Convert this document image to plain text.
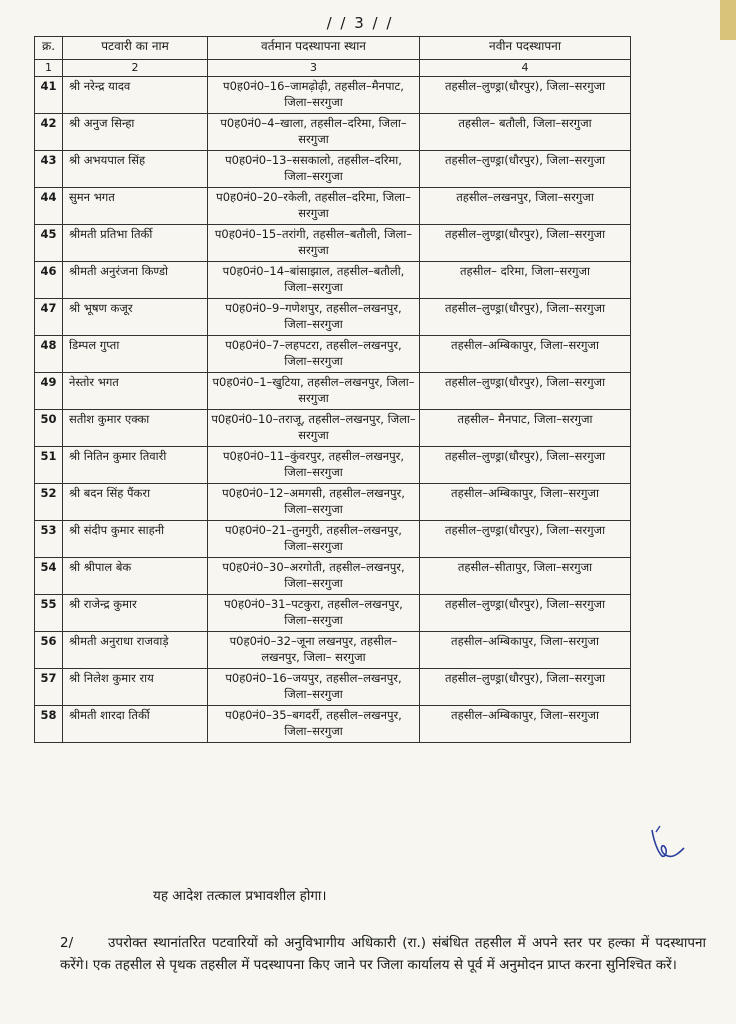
/ / 3 / /
क्र.	पटवारी का नाम	वर्तमान पदस्थापना स्थान	नवीन पदस्थापना
1	2	3	4
41	श्री नरेन्द्र यादव	प0ह0नं0–16–जामढ़ोढ़ी, तहसील–मैनपाट, जिला–सरगुजा	तहसील–लुण्ड्रा(धौरपुर), जिला–सरगुजा
42	श्री अनुज सिन्हा	प0ह0नं0–4–खाला, तहसील–दरिमा, जिला–सरगुजा	तहसील– बतौली, जिला–सरगुजा
43	श्री अभयपाल सिंह	प0ह0नं0–13–ससकालो, तहसील–दरिमा, जिला–सरगुजा	तहसील–लुण्ड्रा(धौरपुर), जिला–सरगुजा
44	सुमन भगत	प0ह0नं0–20–रकेली, तहसील–दरिमा, जिला–सरगुजा	तहसील–लखनपुर, जिला–सरगुजा
45	श्रीमती प्रतिभा तिर्की	प0ह0नं0–15–तरांगी, तहसील–बतौली, जिला–सरगुजा	तहसील–लुण्ड्रा(धौरपुर), जिला–सरगुजा
46	श्रीमती अनुरंजना किण्डो	प0ह0नं0–14–बांसाझाल, तहसील–बतौली, जिला–सरगुजा	तहसील– दरिमा, जिला–सरगुजा
47	श्री भूषण कजूर	प0ह0नं0–9–गणेशपुर, तहसील–लखनपुर, जिला–सरगुजा	तहसील–लुण्ड्रा(धौरपुर), जिला–सरगुजा
48	डिम्पल गुप्ता	प0ह0नं0–7–लहपटरा, तहसील–लखनपुर, जिला–सरगुजा	तहसील–अम्बिकापुर, जिला–सरगुजा
49	नेस्तोर भगत	प0ह0नं0–1–खुटिया, तहसील–लखनपुर, जिला–सरगुजा	तहसील–लुण्ड्रा(धौरपुर), जिला–सरगुजा
50	सतीश कुमार एक्का	प0ह0नं0–10–तराजू, तहसील–लखनपुर, जिला–सरगुजा	तहसील– मैनपाट, जिला–सरगुजा
51	श्री नितिन कुमार तिवारी	प0ह0नं0–11–कुंवरपुर, तहसील–लखनपुर, जिला–सरगुजा	तहसील–लुण्ड्रा(धौरपुर), जिला–सरगुजा
52	श्री बदन सिंह पैंकरा	प0ह0नं0–12–अमगसी, तहसील–लखनपुर, जिला–सरगुजा	तहसील–अम्बिकापुर, जिला–सरगुजा
53	श्री संदीप कुमार साहनी	प0ह0नं0–21–तुनगुरी, तहसील–लखनपुर, जिला–सरगुजा	तहसील–लुण्ड्रा(धौरपुर), जिला–सरगुजा
54	श्री श्रीपाल बेक	प0ह0नं0–30–अरगोती, तहसील–लखनपुर, जिला–सरगुजा	तहसील–सीतापुर, जिला–सरगुजा
55	श्री राजेन्द्र कुमार	प0ह0नं0–31–पटकुरा, तहसील–लखनपुर, जिला–सरगुजा	तहसील–लुण्ड्रा(धौरपुर), जिला–सरगुजा
56	श्रीमती अनुराधा राजवाड़े	प0ह0नं0–32–जूना लखनपुर, तहसील– लखनपुर, जिला– सरगुजा	तहसील–अम्बिकापुर, जिला–सरगुजा
57	श्री निलेश कुमार राय	प0ह0नं0–16–जयपुर, तहसील–लखनपुर, जिला–सरगुजा	तहसील–लुण्ड्रा(धौरपुर), जिला–सरगुजा
58	श्रीमती शारदा तिर्की	प0ह0नं0–35–बगदर्री, तहसील–लखनपुर, जिला–सरगुजा	तहसील–अम्बिकापुर, जिला–सरगुजा
यह आदेश तत्काल प्रभावशील होगा।
2/	उपरोक्त स्थानांतरित पटवारियों को अनुविभागीय अधिकारी (रा.) संबंधित तहसील में अपने स्तर पर हल्का में पदस्थापना करेंगे। एक तहसील से पृथक तहसील में पदस्थापना किए जाने पर जिला कार्यालय से पूर्व में अनुमोदन प्राप्त करना सुनिश्चित करें।
